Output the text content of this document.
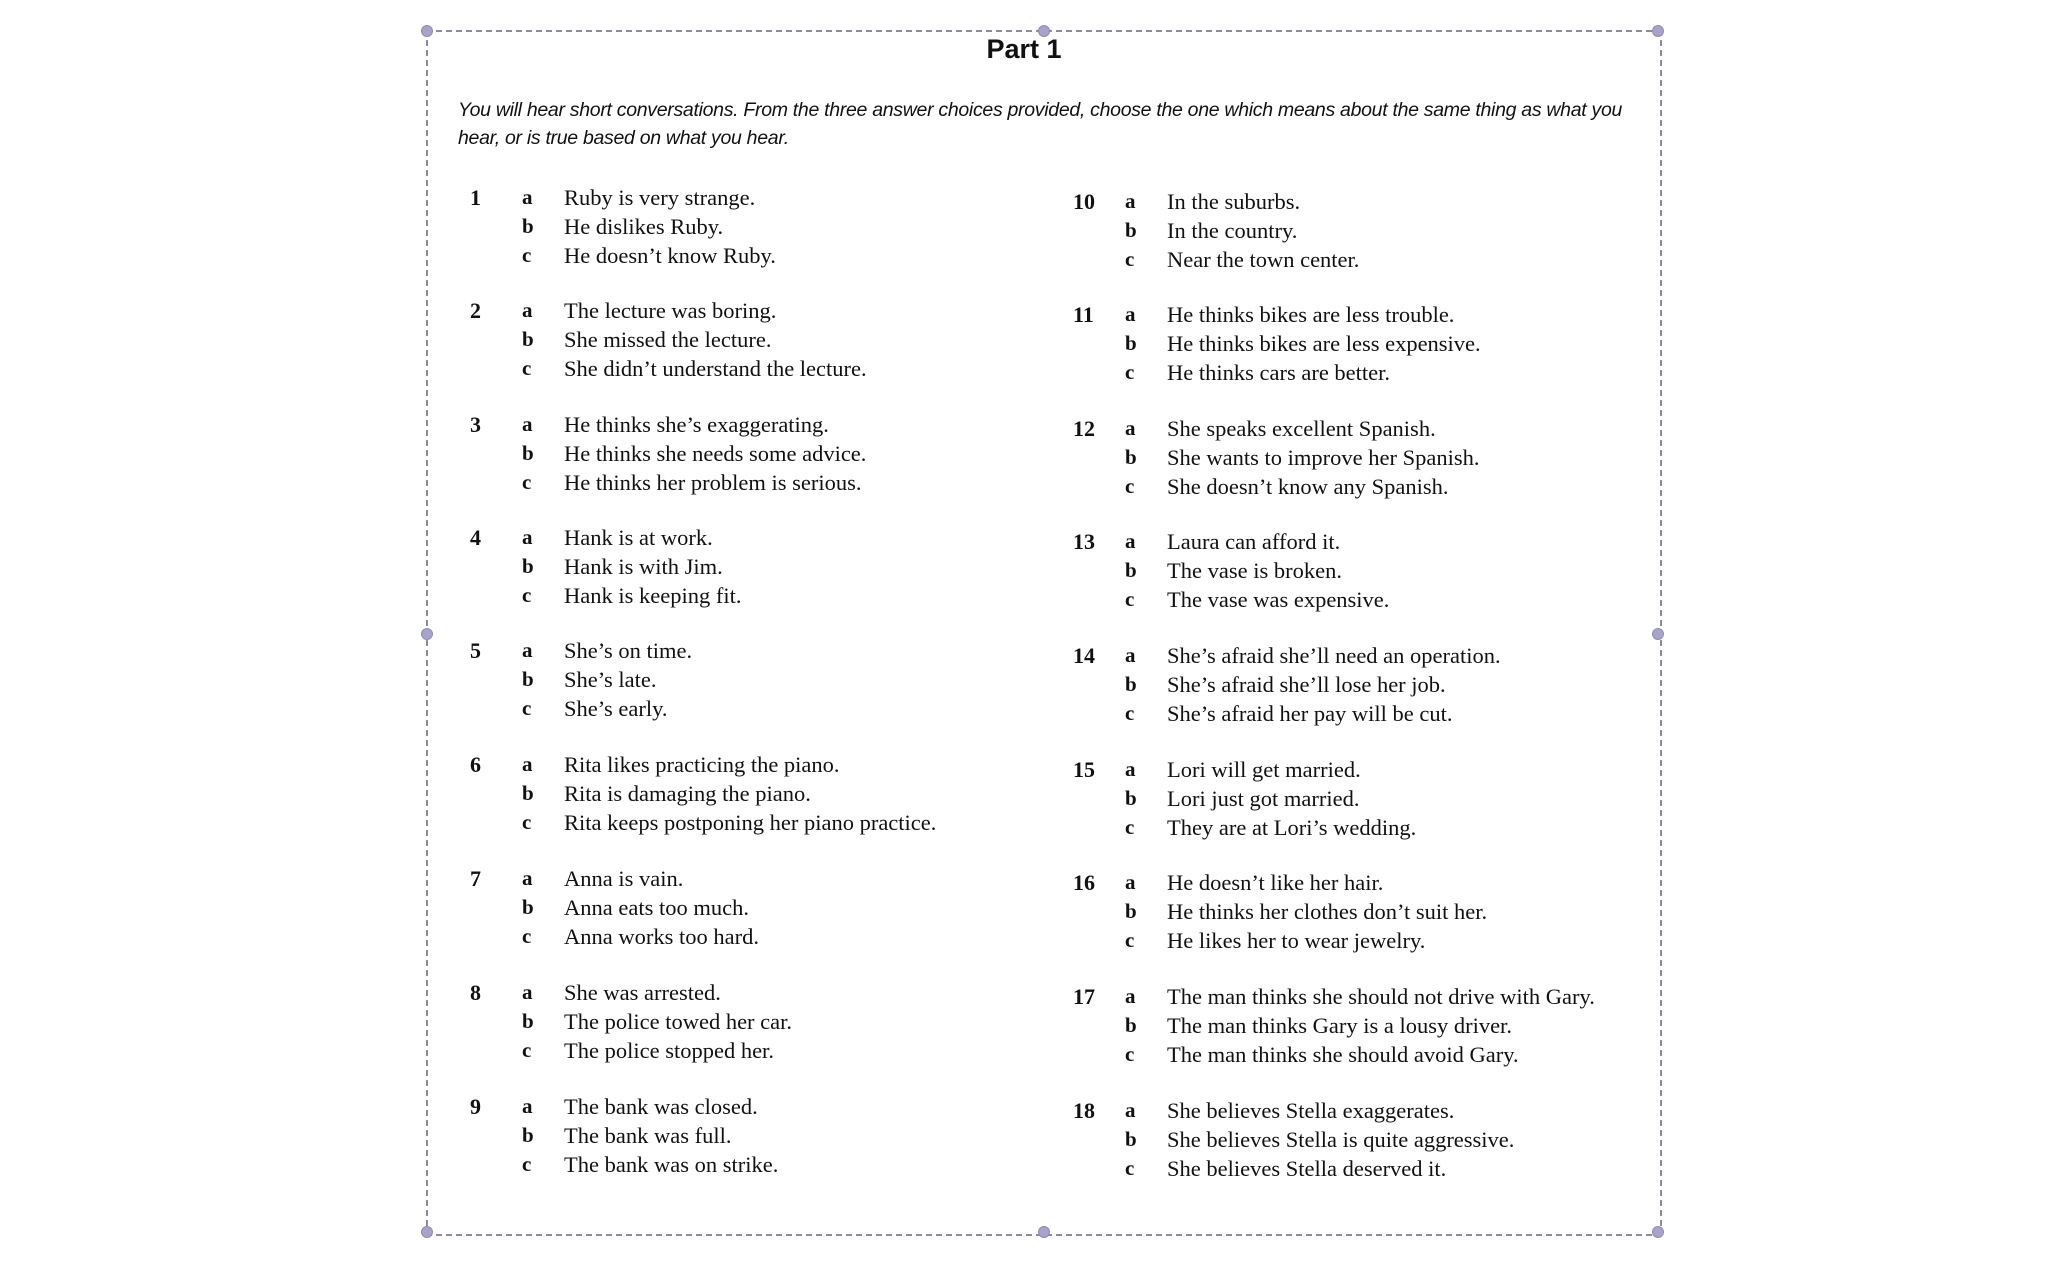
Part 1
You will hear short conversations. From the three answer choices provided, choose the one which means about the same thing as what you hear, or is true based on what you hear.
1 a Ruby is very strange.
b He dislikes Ruby.
c He doesn’t know Ruby.
2 a The lecture was boring.
b She missed the lecture.
c She didn’t understand the lecture.
3 a He thinks she’s exaggerating.
b He thinks she needs some advice.
c He thinks her problem is serious.
4 a Hank is at work.
b Hank is with Jim.
c Hank is keeping fit.
5 a She’s on time.
b She’s late.
c She’s early.
6 a Rita likes practicing the piano.
b Rita is damaging the piano.
c Rita keeps postponing her piano practice.
7 a Anna is vain.
b Anna eats too much.
c Anna works too hard.
8 a She was arrested.
b The police towed her car.
c The police stopped her.
9 a The bank was closed.
b The bank was full.
c The bank was on strike.
10 a In the suburbs.
b In the country.
c Near the town center.
11 a He thinks bikes are less trouble.
b He thinks bikes are less expensive.
c He thinks cars are better.
12 a She speaks excellent Spanish.
b She wants to improve her Spanish.
c She doesn’t know any Spanish.
13 a Laura can afford it.
b The vase is broken.
c The vase was expensive.
14 a She’s afraid she’ll need an operation.
b She’s afraid she’ll lose her job.
c She’s afraid her pay will be cut.
15 a Lori will get married.
b Lori just got married.
c They are at Lori’s wedding.
16 a He doesn’t like her hair.
b He thinks her clothes don’t suit her.
c He likes her to wear jewelry.
17 a The man thinks she should not drive with Gary.
b The man thinks Gary is a lousy driver.
c The man thinks she should avoid Gary.
18 a She believes Stella exaggerates.
b She believes Stella is quite aggressive.
c She believes Stella deserved it.
